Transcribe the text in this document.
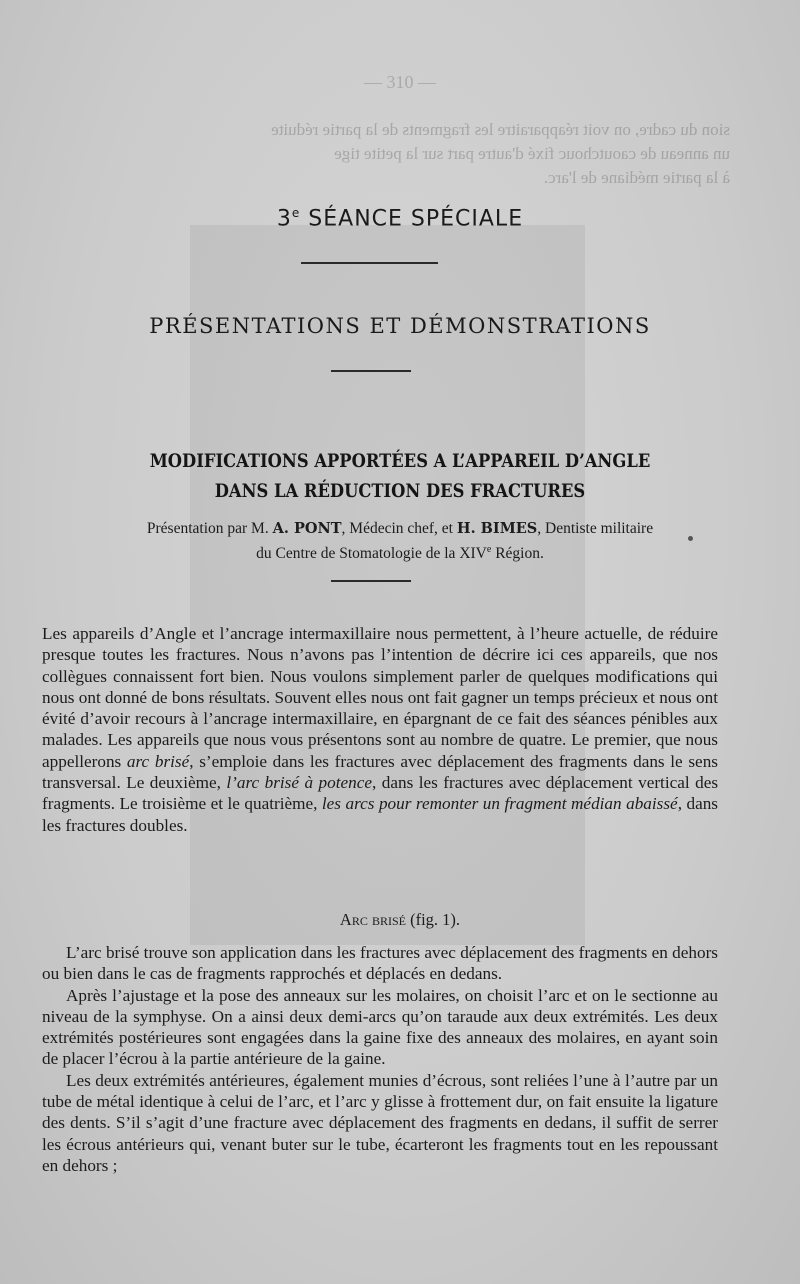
— 310 —
sion du cadre, on voit réapparaitre les fragments de la partie réduite
un anneau de caoutchouc fixé d'autre part sur la petite tige
à la partie médiane de l'arc.
3e SÉANCE SPÉCIALE
PRÉSENTATIONS ET DÉMONSTRATIONS
MODIFICATIONS APPORTÉES A L’APPAREIL D’ANGLE
DANS LA RÉDUCTION DES FRACTURES
Présentation par M. A. PONT, Médecin chef, et H. BIMES, Dentiste militaire
du Centre de Stomatologie de la XIVe Région.

Les appareils d’Angle et l’ancrage intermaxillaire nous permettent, à l’heure actuelle, de réduire presque toutes les fractures. Nous n’avons pas l’intention de décrire ici ces appareils, que nos collègues connaissent fort bien. Nous voulons simplement parler de quelques modifications qui nous ont donné de bons résultats. Souvent elles nous ont fait gagner un temps précieux et nous ont évité d’avoir recours à l’ancrage intermaxillaire, en épargnant de ce fait des séances pénibles aux malades. Les appareils que nous vous présentons sont au nombre de quatre. Le premier, que nous appellerons arc brisé, s’emploie dans les fractures avec déplacement des fragments dans le sens transversal. Le deuxième, l’arc brisé à potence, dans les fractures avec déplacement vertical des fragments. Le troisième et le quatrième, les arcs pour remonter un fragment médian abaissé, dans les fractures doubles.

Arc brisé (fig. 1).

L’arc brisé trouve son application dans les fractures avec déplacement des fragments en dehors ou bien dans le cas de fragments rapprochés et déplacés en dedans.

Après l’ajustage et la pose des anneaux sur les molaires, on choisit l’arc et on le sectionne au niveau de la symphyse. On a ainsi deux demi-arcs qu’on taraude aux deux extrémités. Les deux extrémités postérieures sont engagées dans la gaine fixe des anneaux des molaires, en ayant soin de placer l’écrou à la partie antérieure de la gaine.

Les deux extrémités antérieures, également munies d’écrous, sont reliées l’une à l’autre par un tube de métal identique à celui de l’arc, et l’arc y glisse à frottement dur, on fait ensuite la ligature des dents. S’il s’agit d’une fracture avec déplacement des fragments en dedans, il suffit de serrer les écrous antérieurs qui, venant buter sur le tube, écarteront les fragments tout en les repoussant en dehors ;
